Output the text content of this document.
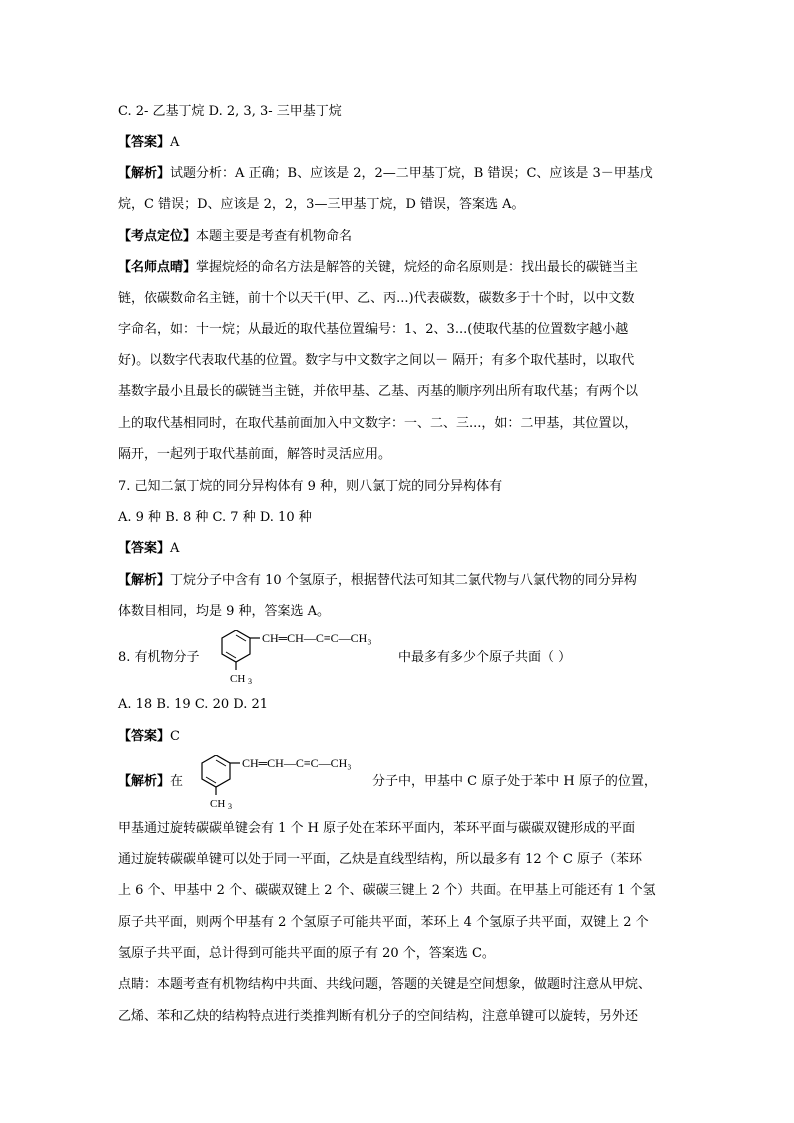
C. 2- 乙基丁烷 D. 2, 3, 3- 三甲基丁烷
【答案】A
【解析】试题分析：A 正确；B、应该是 2，2—二甲基丁烷，B 错误；C、应该是 3－甲基戊
烷，C 错误；D、应该是 2，2，3—三甲基丁烷，D 错误，答案选 A。
【考点定位】本题主要是考查有机物命名
【名师点晴】掌握烷烃的命名方法是解答的关键，烷烃的命名原则是：找出最长的碳链当主
链，依碳数命名主链，前十个以天干(甲、乙、丙...)代表碳数，碳数多于十个时，以中文数
字命名，如：十一烷；从最近的取代基位置编号：1、2、3...(使取代基的位置数字越小越
好)。以数字代表取代基的位置。数字与中文数字之间以－ 隔开；有多个取代基时，以取代
基数字最小且最长的碳链当主链，并依甲基、乙基、丙基的顺序列出所有取代基；有两个以
上的取代基相同时，在取代基前面加入中文数字：一、二、三...，如：二甲基，其位置以，
隔开，一起列于取代基前面，解答时灵活应用。
7. 己知二氯丁烷的同分异构体有 9 种，则八氯丁烷的同分异构体有
A. 9 种 B. 8 种 C. 7 种 D. 10 种
【答案】A
【解析】丁烷分子中含有 10 个氢原子，根据替代法可知其二氯代物与八氯代物的同分异构
体数目相同，均是 9 种，答案选 A。
8. 有机物分子
CH═CH—C≡C—CH₃
CH 3
中最多有多少个原子共面（ ）
A. 18 B. 19 C. 20 D. 21
【答案】C
【解析】在
CH═CH—C≡C—CH₃
CH 3
分子中，甲基中 C 原子处于苯中 H 原子的位置，
甲基通过旋转碳碳单键会有 1 个 H 原子处在苯环平面内，苯环平面与碳碳双键形成的平面
通过旋转碳碳单键可以处于同一平面，乙炔是直线型结构，所以最多有 12 个 C 原子（苯环
上 6 个、甲基中 2 个、碳碳双键上 2 个、碳碳三键上 2 个）共面。在甲基上可能还有 1 个氢
原子共平面，则两个甲基有 2 个氢原子可能共平面，苯环上 4 个氢原子共平面，双键上 2 个
氢原子共平面，总计得到可能共平面的原子有 20 个，答案选 C。
点睛：本题考查有机物结构中共面、共线问题，答题的关键是空间想象，做题时注意从甲烷、
乙烯、苯和乙炔的结构特点进行类推判断有机分子的空间结构，注意单键可以旋转，另外还
